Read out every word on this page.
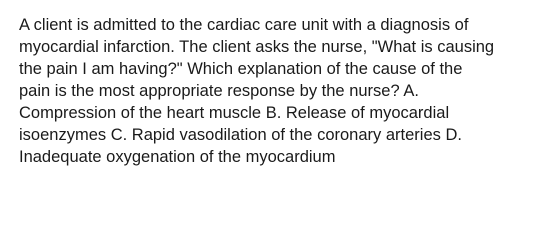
A client is admitted to the cardiac care unit with a diagnosis of
myocardial infarction. The client asks the nurse, "What is causing
the pain I am having?" Which explanation of the cause of the
pain is the most appropriate response by the nurse? A.
Compression of the heart muscle B. Release of myocardial
isoenzymes C. Rapid vasodilation of the coronary arteries D.
Inadequate oxygenation of the myocardium
